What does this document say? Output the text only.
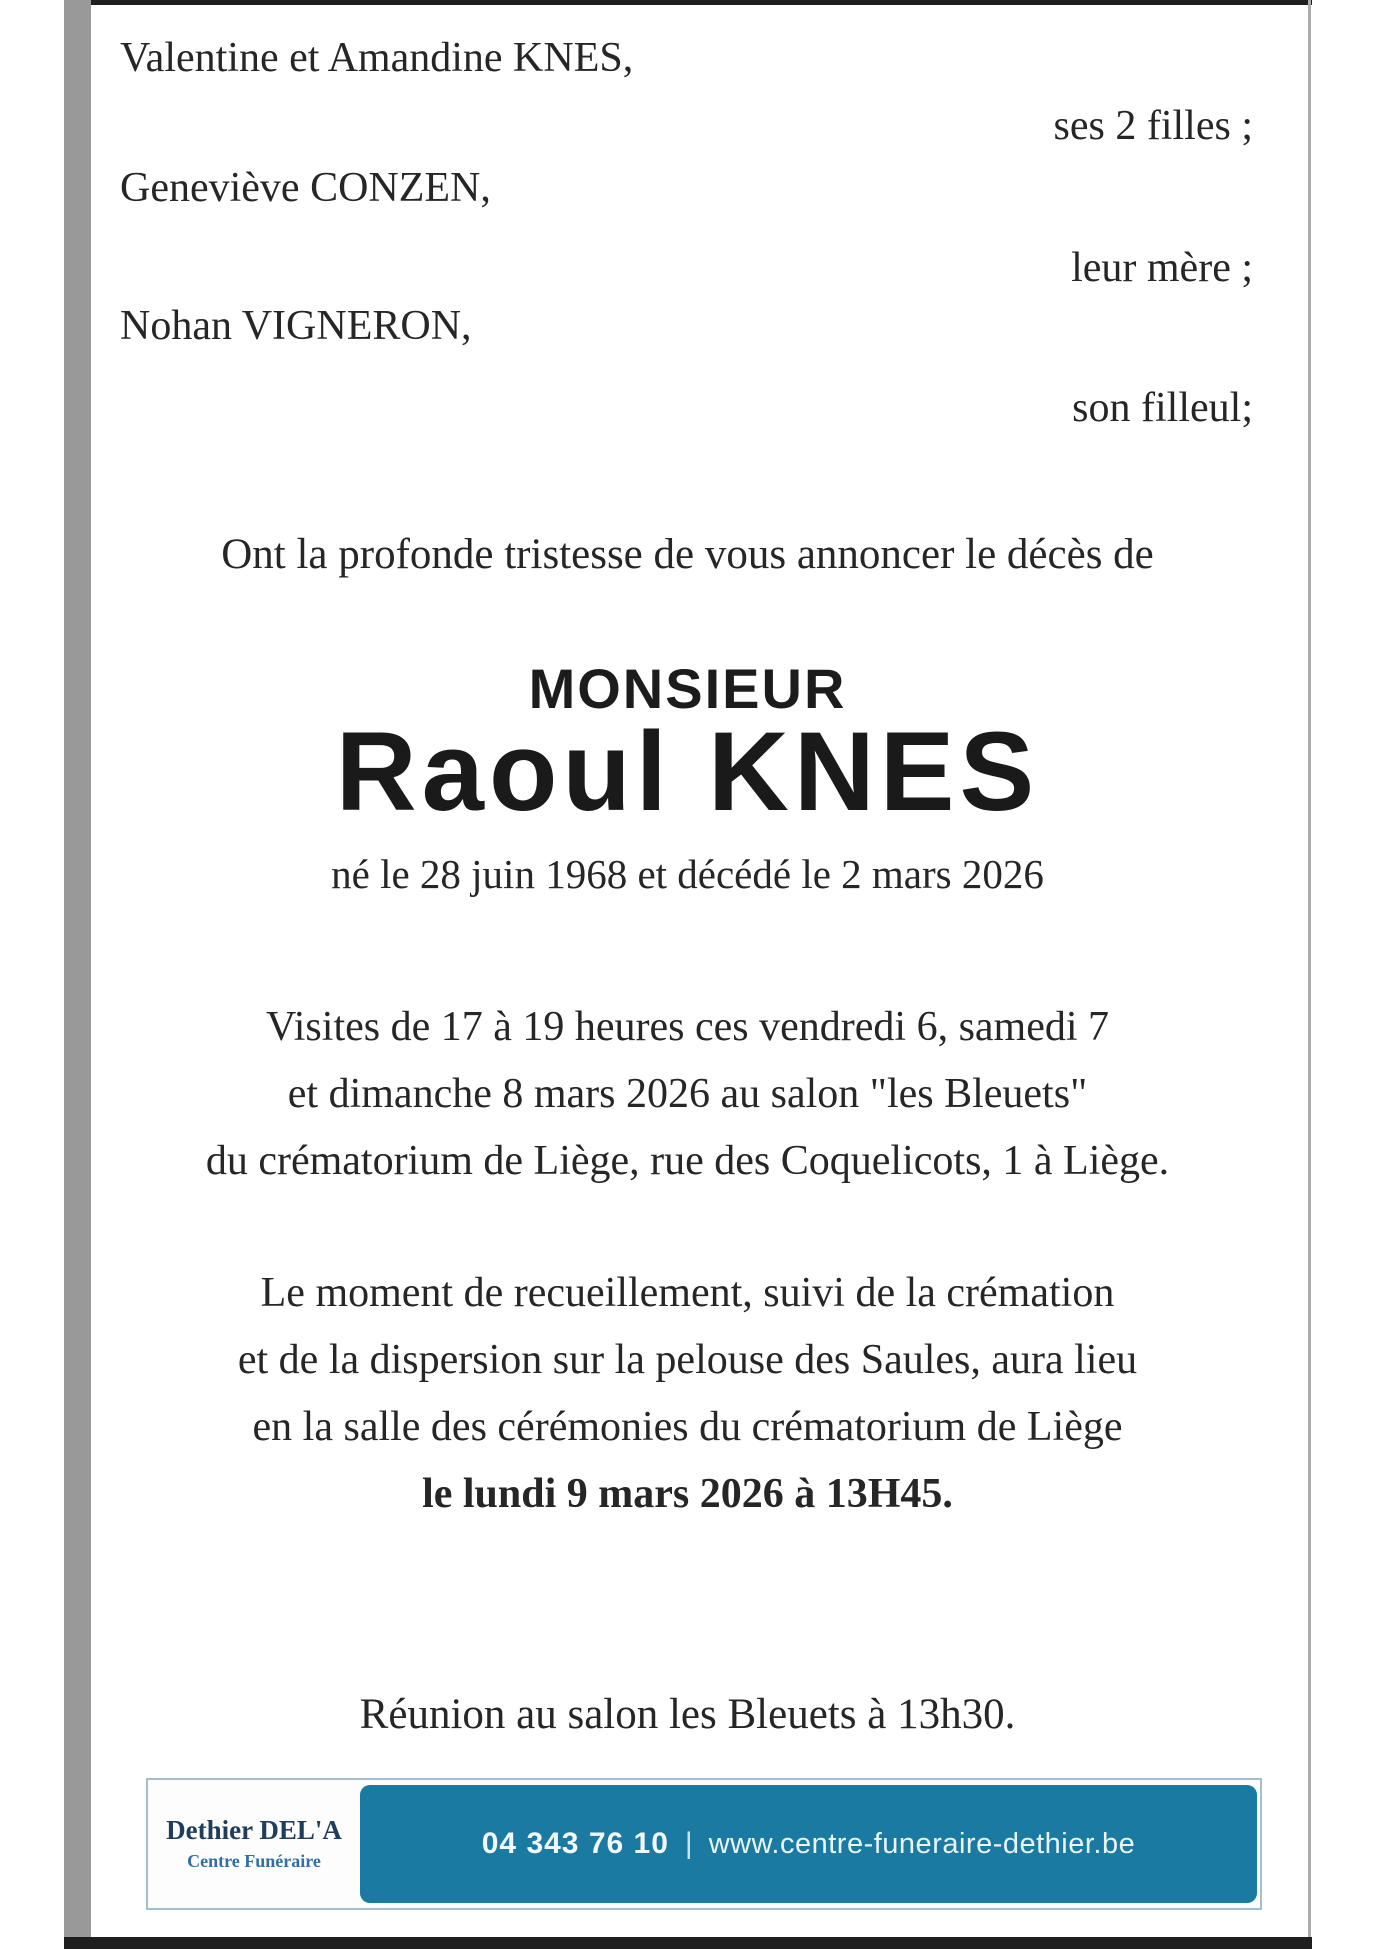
Valentine et Amandine KNES,
ses 2 filles ;
Geneviève CONZEN,
leur mère ;
Nohan VIGNERON,
son filleul;
Ont la profonde tristesse de vous annoncer le décès de
MONSIEUR
Raoul KNES
né le 28 juin 1968 et décédé le 2 mars 2026
Visites de 17 à 19 heures ces vendredi 6, samedi 7
et dimanche 8 mars 2026 au salon "les Bleuets"
du crématorium de Liège, rue des Coquelicots, 1 à Liège.
Le moment de recueillement, suivi de la crémation
et de la dispersion sur la pelouse des Saules, aura lieu
en la salle des cérémonies du crématorium de Liège
le lundi 9 mars 2026 à 13H45.
Réunion au salon les Bleuets à 13h30.
Dethier DEL'A
Centre Funéraire
04 343 76 10 | www.centre-funeraire-dethier.be
